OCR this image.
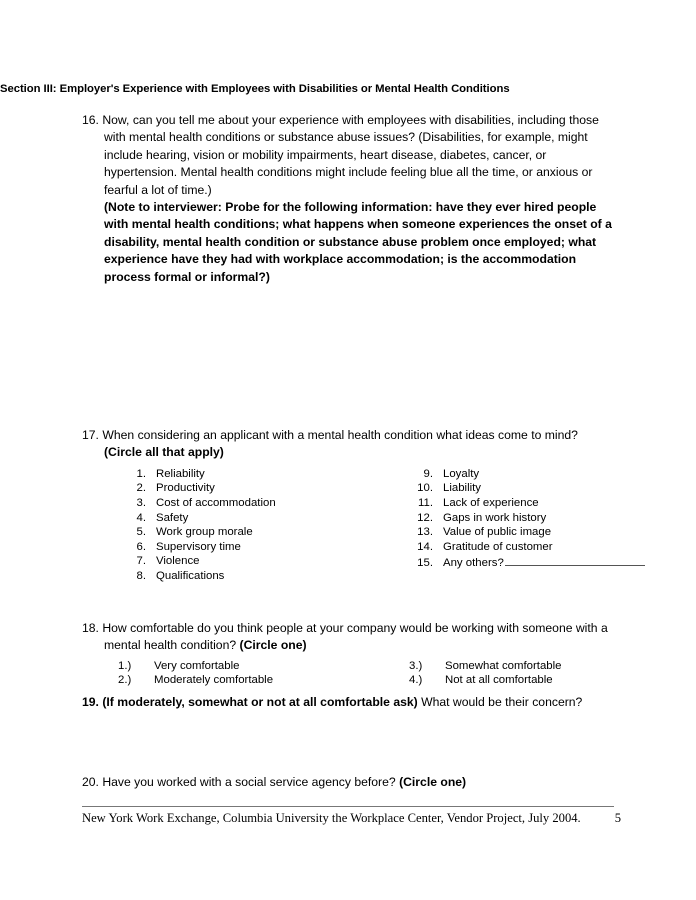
Section III: Employer's Experience with Employees with Disabilities or Mental Health Conditions
16. Now, can you tell me about your experience with employees with disabilities, including those with mental health conditions or substance abuse issues? (Disabilities, for example, might include hearing, vision or mobility impairments, heart disease, diabetes, cancer, or hypertension. Mental health conditions might include feeling blue all the time, or anxious or fearful a lot of time.)
(Note to interviewer: Probe for the following information: have they ever hired people with mental health conditions; what happens when someone experiences the onset of a disability, mental health condition or substance abuse problem once employed; what experience have they had with workplace accommodation; is the accommodation process formal or informal?)
17. When considering an applicant with a mental health condition what ideas come to mind?(Circle all that apply)
1. Reliability
2. Productivity
3. Cost of accommodation
4. Safety
5. Work group morale
6. Supervisory time
7. Violence
8. Qualifications
9. Loyalty
10. Liability
11. Lack of experience
12. Gaps in work history
13. Value of public image
14. Gratitude of customer
15. Any others?
18. How comfortable do you think people at your company would be working with someone with a mental health condition? (Circle one)
1.)	Very comfortable
2.)	Moderately comfortable
3.)	Somewhat comfortable
4.)	Not at all comfortable
19. (If moderately, somewhat or not at all comfortable ask) What would be their concern?
20. Have you worked with a social service agency before? (Circle one)
New York Work Exchange, Columbia University the Workplace Center, Vendor Project, July 2004.	5
